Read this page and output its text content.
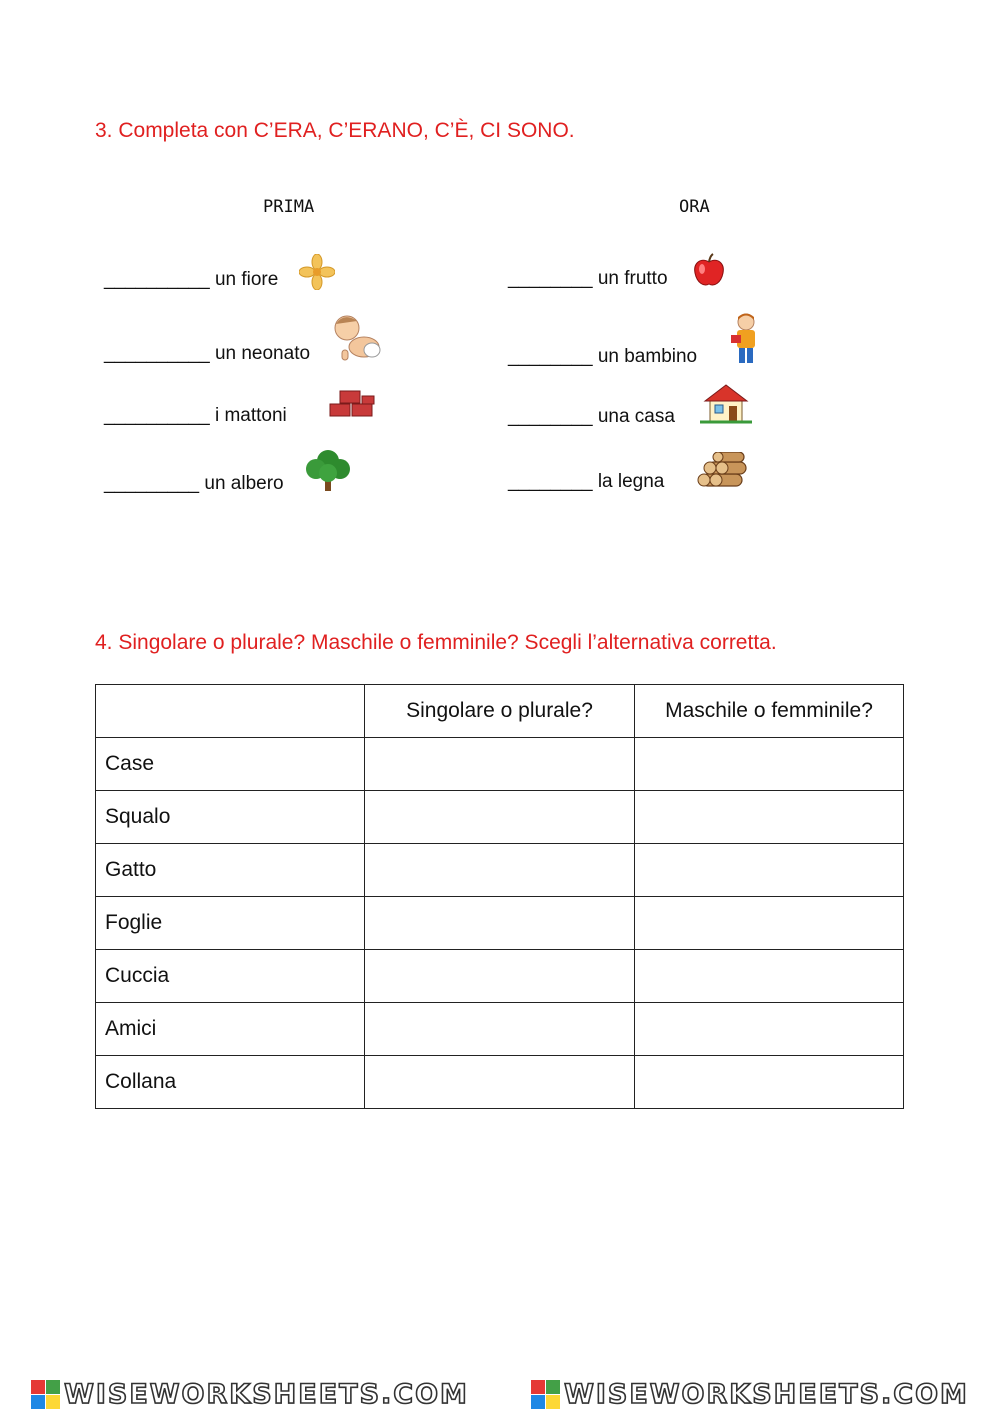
3. Completa con C’ERA, C’ERANO, C’È, CI SONO.
PRIMA	ORA
__________ un fiore
__________ un neonato
__________ i mattoni
_________ un albero
________ un frutto
________ un bambino
________ una casa
________ la legna
4. Singolare o plurale? Maschile o femminile? Scegli l’alternativa corretta.
	Singolare o plurale?	Maschile o femminile?
Case		
Squalo		
Gatto		
Foglie		
Cuccia		
Amici		
Collana		
WISEWORKSHEETS.COM	WISEWORKSHEETS.COM
